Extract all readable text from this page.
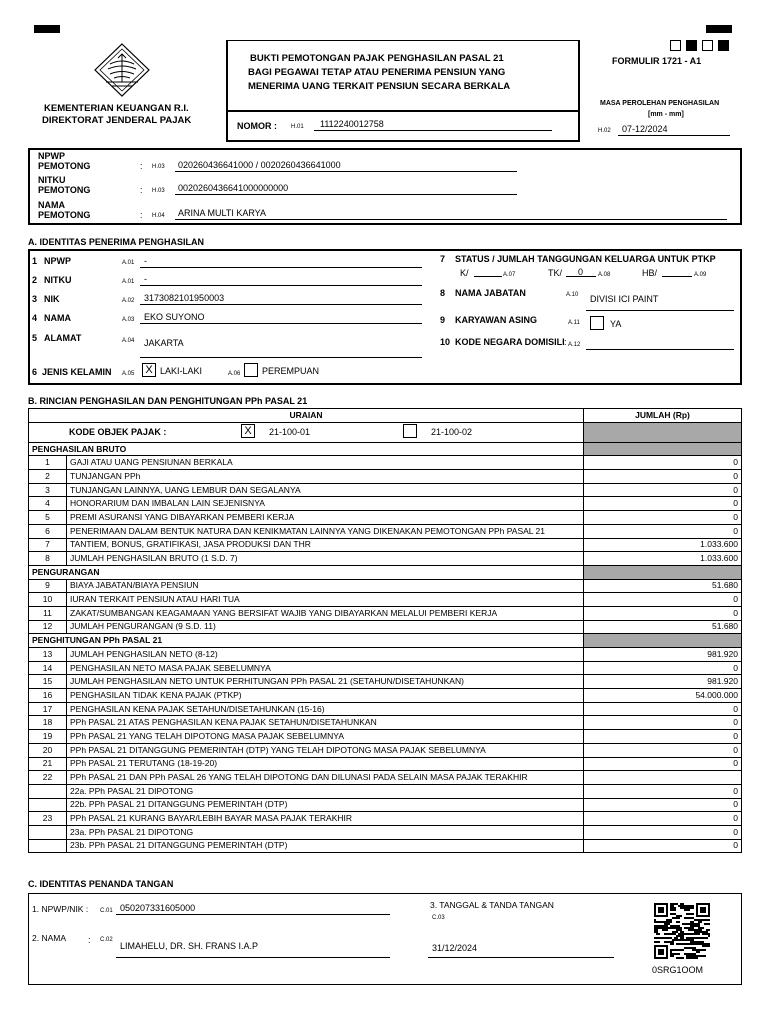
KEMENTERIAN KEUANGAN R.I.
DIREKTORAT JENDERAL PAJAK
BUKTI PEMOTONGAN PAJAK PENGHASILAN PASAL 21
BAGI PEGAWAI TETAP ATAU PENERIMA PENSIUN YANG
MENERIMA UANG TERKAIT PENSIUN SECARA BERKALA
NOMOR : H.01 1112240012758
FORMULIR 1721 - A1
MASA PEROLEHAN PENGHASILAN
[mm - mm]
H.02 07-12/2024
NPWP
PEMOTONG	: H.03 020260436641000 / 0020260436641000
NITKU
PEMOTONG	: H.03 0020260436641000000000
NAMA
PEMOTONG	: H.04 ARINA MULTI KARYA
A. IDENTITAS PENERIMA PENGHASILAN
1 NPWP	A.01 -
2 NITKU	A.01 -
3 NIK	A.02 3173082101950003
4 NAMA	A.03 EKO SUYONO
5 ALAMAT	A.04 JAKARTA
6 JENIS KELAMIN A.05 X LAKI-LAKI	A.06 PEREMPUAN
7 STATUS / JUMLAH TANGGUNGAN KELUARGA UNTUK PTKP
K/	A.07	TK/ 0 A.08	HB/	A.09
8 NAMA JABATAN	A.10 DIVISI ICI PAINT
9 KARYAWAN ASING	A.11	YA
10 KODE NEGARA DOMISILI : A.12
B. RINCIAN PENGHASILAN DAN PENGHITUNGAN PPh PASAL 21
URAIAN		JUMLAH (Rp)

KODE OBJEK PAJAK : X 21-100-01 21-100-02		

PENGHASILAN BRUTO		
1	GAJI ATAU UANG PENSIUNAN BERKALA	0
2	TUNJANGAN PPh	0
3	TUNJANGAN LAINNYA, UANG LEMBUR DAN SEGALANYA	0
4	HONORARIUM DAN IMBALAN LAIN SEJENISNYA	0
5	PREMI ASURANSI YANG DIBAYARKAN PEMBERI KERJA	0
6	PENERIMAAN DALAM BENTUK NATURA DAN KENIKMATAN LAINNYA YANG DIKENAKAN PEMOTONGAN PPh PASAL 21	0
7	TANTIEM, BONUS, GRATIFIKASI, JASA PRODUKSI DAN THR	1.033.600
8	JUMLAH PENGHASILAN BRUTO (1 S.D. 7)	1.033.600
PENGURANGAN		
9	BIAYA JABATAN/BIAYA PENSIUN	51.680
10	IURAN TERKAIT PENSIUN ATAU HARI TUA	0
11	ZAKAT/SUMBANGAN KEAGAMAAN YANG BERSIFAT WAJIB YANG DIBAYARKAN MELALUI PEMBERI KERJA	0
12	JUMLAH PENGURANGAN (9 S.D. 11)	51.680
PENGHITUNGAN PPh PASAL 21		
13	JUMLAH PENGHASILAN NETO (8-12)	981.920
14	PENGHASILAN NETO MASA PAJAK SEBELUMNYA	0
15	JUMLAH PENGHASILAN NETO UNTUK PERHITUNGAN PPh PASAL 21 (SETAHUN/DISETAHUNKAN)	981.920
16	PENGHASILAN TIDAK KENA PAJAK (PTKP)	54.000.000
17	PENGHASILAN KENA PAJAK SETAHUN/DISETAHUNKAN (15-16)	0
18	PPh PASAL 21 ATAS PENGHASILAN KENA PAJAK SETAHUN/DISETAHUNKAN	0
19	PPh PASAL 21 YANG TELAH DIPOTONG MASA PAJAK SEBELUMNYA	0
20	PPh PASAL 21 DITANGGUNG PEMERINTAH (DTP) YANG TELAH DIPOTONG MASA PAJAK SEBELUMNYA	0
21	PPh PASAL 21 TERUTANG (18-19-20)	0
22	PPh PASAL 21 DAN PPh PASAL 26 YANG TELAH DIPOTONG DAN DILUNASI PADA SELAIN MASA PAJAK TERAKHIR	
	22a. PPh PASAL 21 DIPOTONG	0
	22b. PPh PASAL 21 DITANGGUNG PEMERINTAH (DTP)	0
23	PPh PASAL 21 KURANG BAYAR/LEBIH BAYAR MASA PAJAK TERAKHIR	0
	23a. PPh PASAL 21 DIPOTONG	0
	23b. PPh PASAL 21 DITANGGUNG PEMERINTAH (DTP)	0
C. IDENTITAS PENANDA TANGAN
1. NPWP/NIK : C.01 050207331605000
2. NAMA : C.02
LIMAHELU, DR. SH. FRANS I.A.P
3. TANGGAL & TANDA TANGAN
C.03
31/12/2024
0SRG1OOM
